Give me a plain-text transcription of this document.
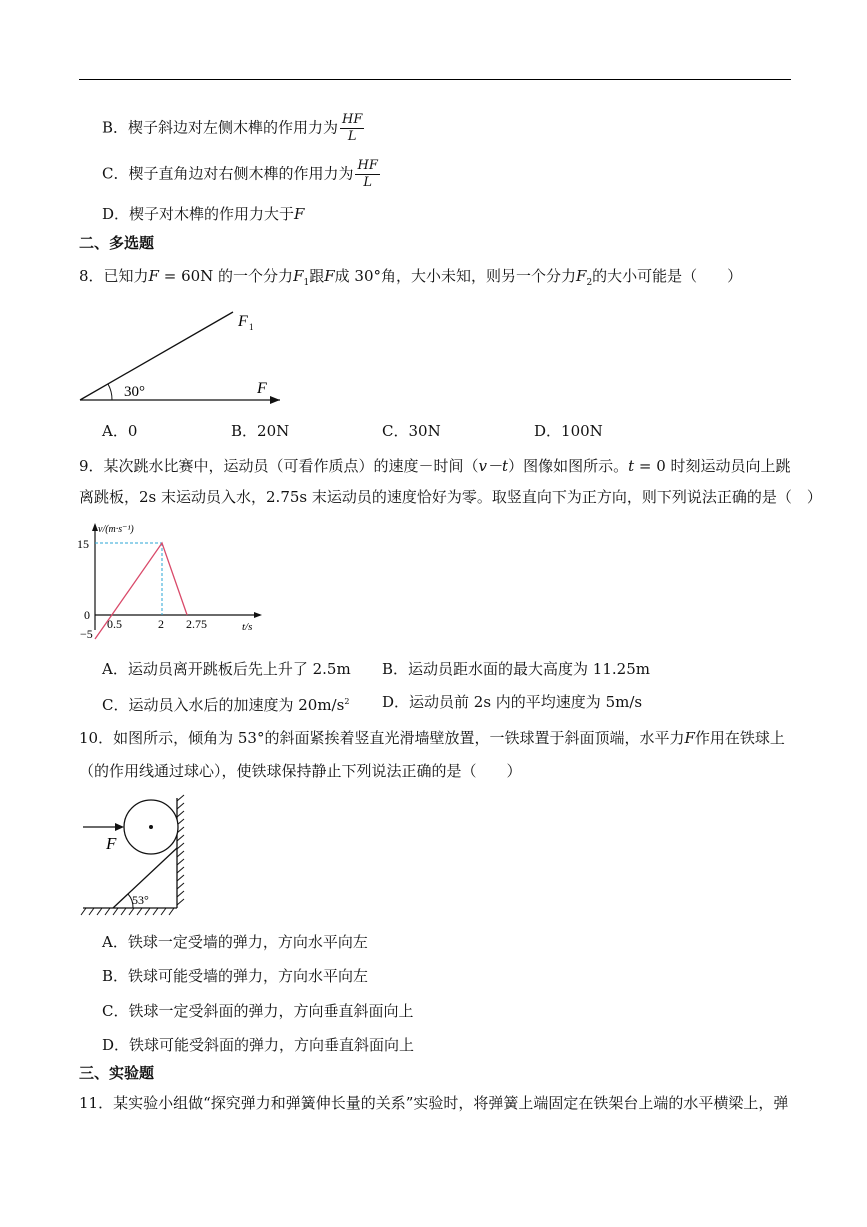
B．楔子斜边对左侧木榫的作用力为 $\frac{HF}{L}$
C．楔子直角边对右侧木榫的作用力为 $\frac{HF}{L}$
D．楔子对木榫的作用力大于F
二、多选题
8．已知力F = 60N 的一个分力$F_1$跟F成 30°角，大小未知，则另一个分力$F_2$的大小可能是（　　）
F 1
F
30°
A．0	B．20N	C．30N	D．100N
9．某次跳水比赛中，运动员（可看作质点）的速度－时间（v－t）图像如图所示。t = 0 时刻运动员向上跳
离跳板，2s 末运动员入水，2.75s 末运动员的速度恰好为零。取竖直向下为正方向，则下列说法正确的是（　）
v/(m·s⁻¹)
t/s
15
0
−5
0.5	2 2.75
A．运动员离开跳板后先上升了 2.5m B．运动员距水面的最大高度为 11.25m
C．运动员入水后的加速度为 $20m/s^2$ D．运动员前 2s 内的平均速度为 5m/s
10．如图所示，倾角为 53°的斜面紧挨着竖直光滑墙壁放置，一铁球置于斜面顶端，水平力F作用在铁球上
（的作用线通过球心），使铁球保持静止下列说法正确的是（　　）
F
53°
A．铁球一定受墙的弹力，方向水平向左
B．铁球可能受墙的弹力，方向水平向左
C．铁球一定受斜面的弹力，方向垂直斜面向上
D．铁球可能受斜面的弹力，方向垂直斜面向上
三、实验题
11．某实验小组做“探究弹力和弹簧伸长量的关系”实验时，将弹簧上端固定在铁架台上端的水平横梁上，弹
